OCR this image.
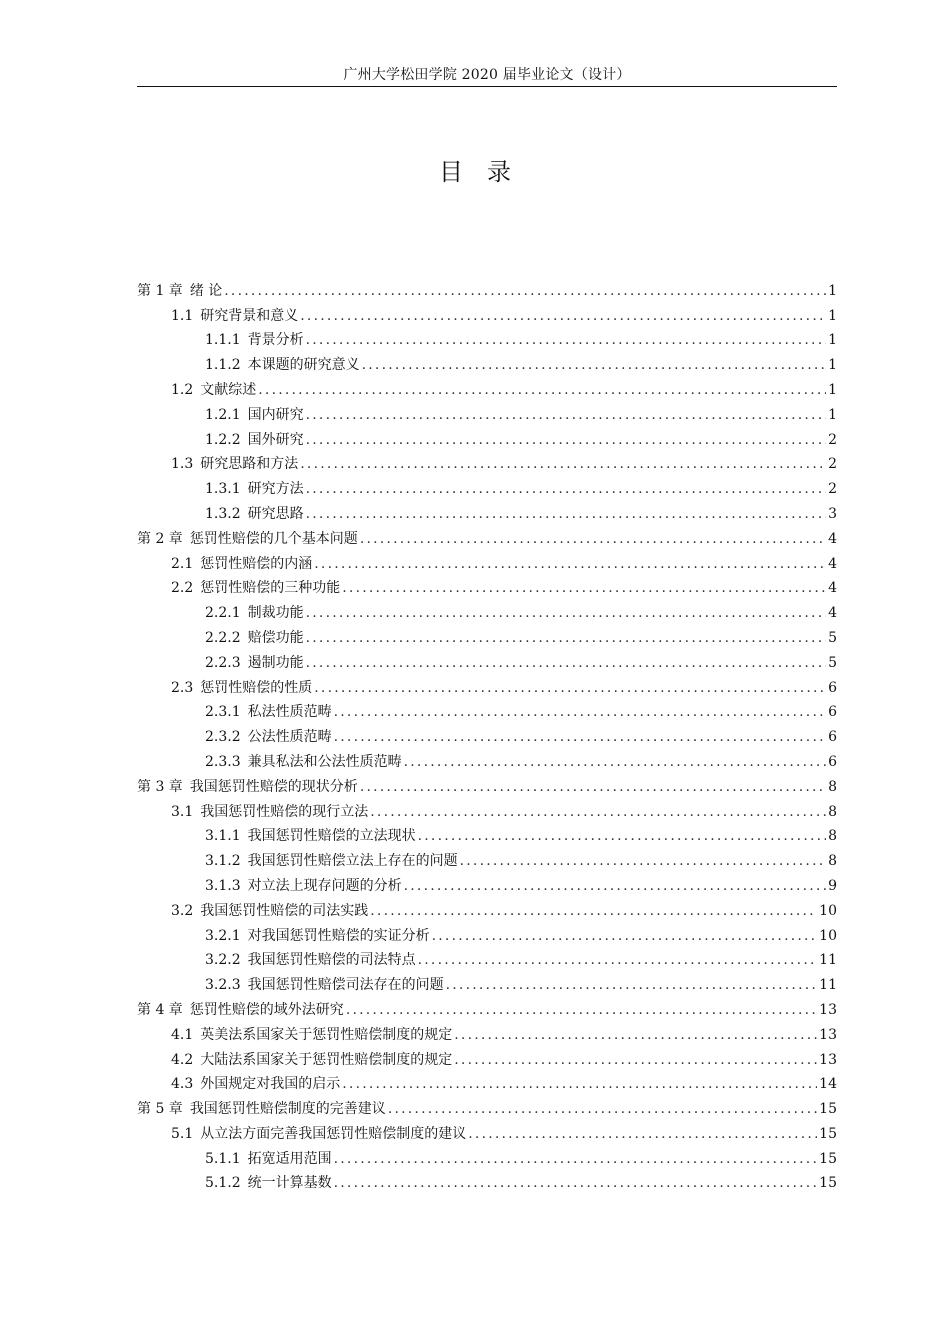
广州大学松田学院 2020 届毕业论文（设计）
目录
第 1 章 绪 论 .....	1
1.1 研究背景和意义 .....	1
1.1.1 背景分析 .....	1
1.1.2 本课题的研究意义 .....	1
1.2 文献综述 .....	1
1.2.1 国内研究 .....	1
1.2.2 国外研究 .....	2
1.3 研究思路和方法 .....	2
1.3.1 研究方法 .....	2
1.3.2 研究思路 .....	3
第 2 章 惩罚性赔偿的几个基本问题 .....	4
2.1 惩罚性赔偿的内涵 .....	4
2.2 惩罚性赔偿的三种功能 .....	4
2.2.1 制裁功能 .....	4
2.2.2 赔偿功能 .....	5
2.2.3 遏制功能 .....	5
2.3 惩罚性赔偿的性质 .....	6
2.3.1 私法性质范畴 .....	6
2.3.2 公法性质范畴 .....	6
2.3.3 兼具私法和公法性质范畴 .....	6
第 3 章 我国惩罚性赔偿的现状分析 .....	8
3.1 我国惩罚性赔偿的现行立法 .....	8
3.1.1 我国惩罚性赔偿的立法现状 .....	8
3.1.2 我国惩罚性赔偿立法上存在的问题 .....	8
3.1.3 对立法上现存问题的分析 .....	9
3.2 我国惩罚性赔偿的司法实践 .....	10
3.2.1 对我国惩罚性赔偿的实证分析 .....	10
3.2.2 我国惩罚性赔偿的司法特点 .....	11
3.2.3 我国惩罚性赔偿司法存在的问题 .....	11
第 4 章 惩罚性赔偿的域外法研究 .....	13
4.1 英美法系国家关于惩罚性赔偿制度的规定 .....	13
4.2 大陆法系国家关于惩罚性赔偿制度的规定 .....	13
4.3 外国规定对我国的启示 .....	14
第 5 章 我国惩罚性赔偿制度的完善建议 .....	15
5.1 从立法方面完善我国惩罚性赔偿制度的建议 .....	15
5.1.1 拓宽适用范围 .....	15
5.1.2 统一计算基数 .....	15
